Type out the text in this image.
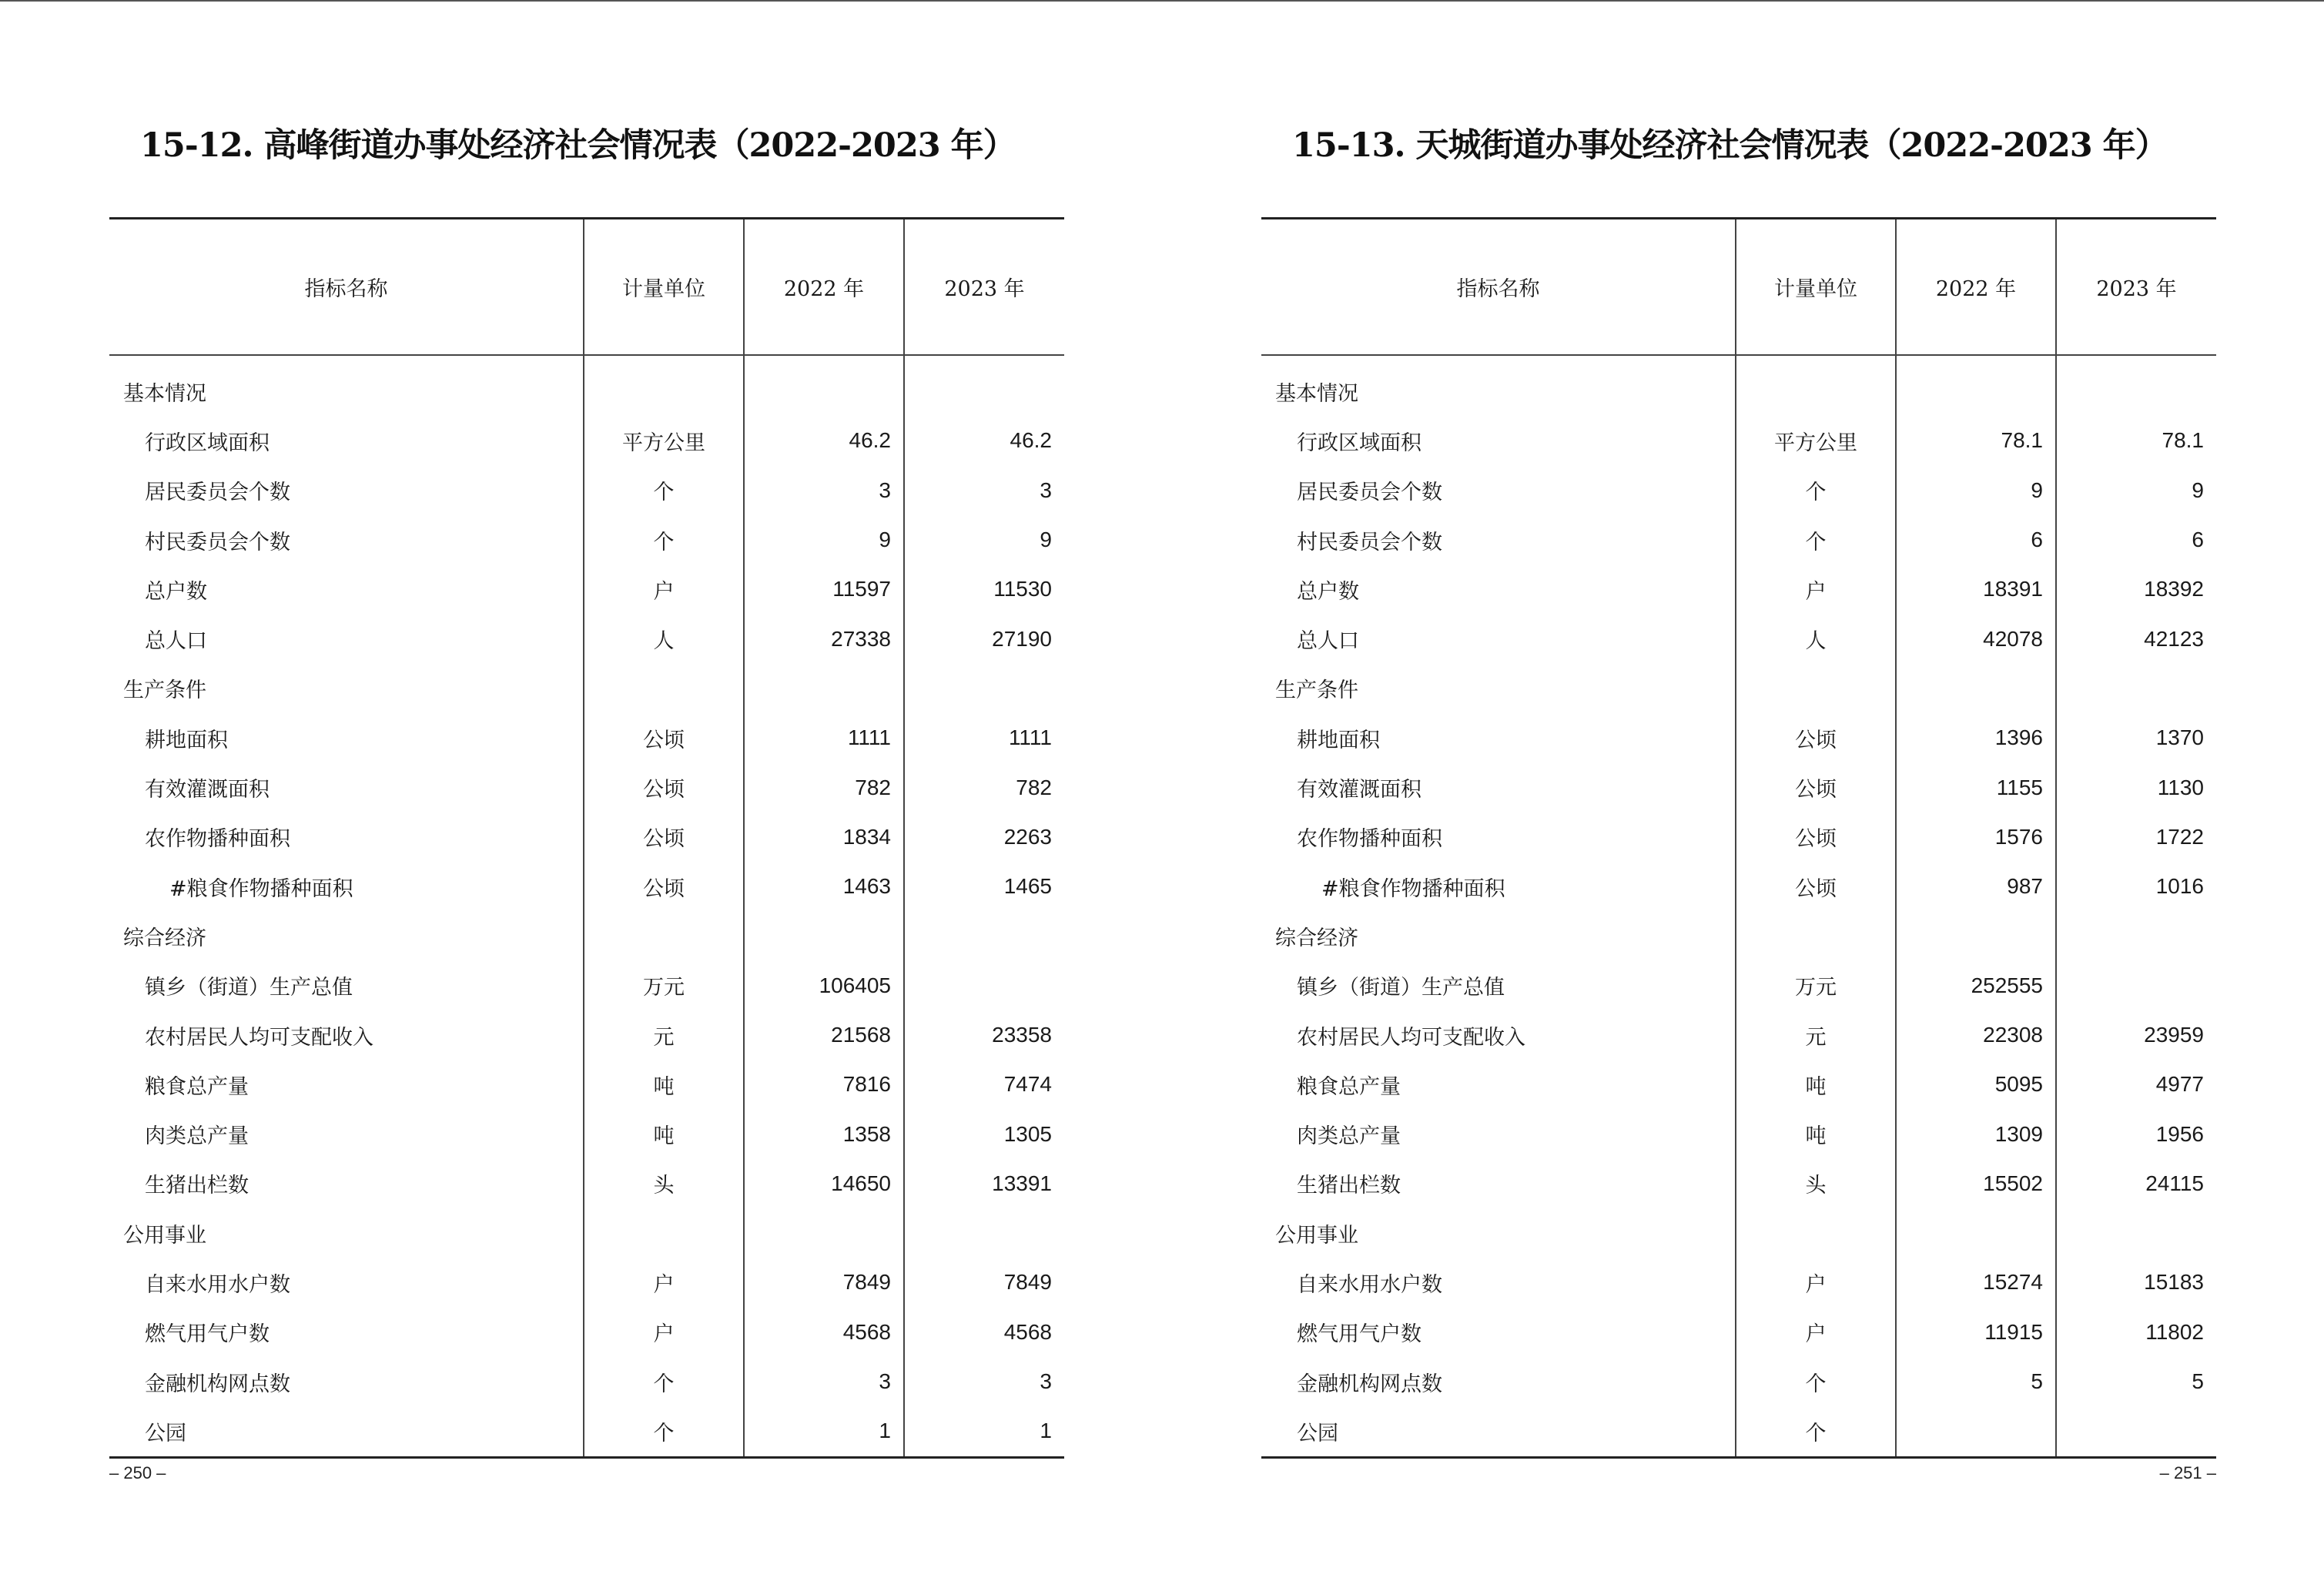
15-12. 高峰街道办事处经济社会情况表（2022-2023 年）
指标名称	计量单位	2022 年	2023 年
基本情况			
行政区域面积	平方公里	46.2	46.2
居民委员会个数	个	3	3
村民委员会个数	个	9	9
总户数	户	11597	11530
总人口	人	27338	27190
生产条件			
耕地面积	公顷	1111	1111
有效灌溉面积	公顷	782	782
农作物播种面积	公顷	1834	2263
#粮食作物播种面积	公顷	1463	1465
综合经济			
镇乡（街道）生产总值	万元	106405	
农村居民人均可支配收入	元	21568	23358
粮食总产量	吨	7816	7474
肉类总产量	吨	1358	1305
生猪出栏数	头	14650	13391
公用事业			
自来水用水户数	户	7849	7849
燃气用气户数	户	4568	4568
金融机构网点数	个	3	3
公园	个	1	1
– 250 –
15-13. 天城街道办事处经济社会情况表（2022-2023 年）
指标名称	计量单位	2022 年	2023 年
基本情况			
行政区域面积	平方公里	78.1	78.1
居民委员会个数	个	9	9
村民委员会个数	个	6	6
总户数	户	18391	18392
总人口	人	42078	42123
生产条件			
耕地面积	公顷	1396	1370
有效灌溉面积	公顷	1155	1130
农作物播种面积	公顷	1576	1722
#粮食作物播种面积	公顷	987	1016
综合经济			
镇乡（街道）生产总值	万元	252555	
农村居民人均可支配收入	元	22308	23959
粮食总产量	吨	5095	4977
肉类总产量	吨	1309	1956
生猪出栏数	头	15502	24115
公用事业			
自来水用水户数	户	15274	15183
燃气用气户数	户	11915	11802
金融机构网点数	个	5	5
公园	个		
– 251 –
